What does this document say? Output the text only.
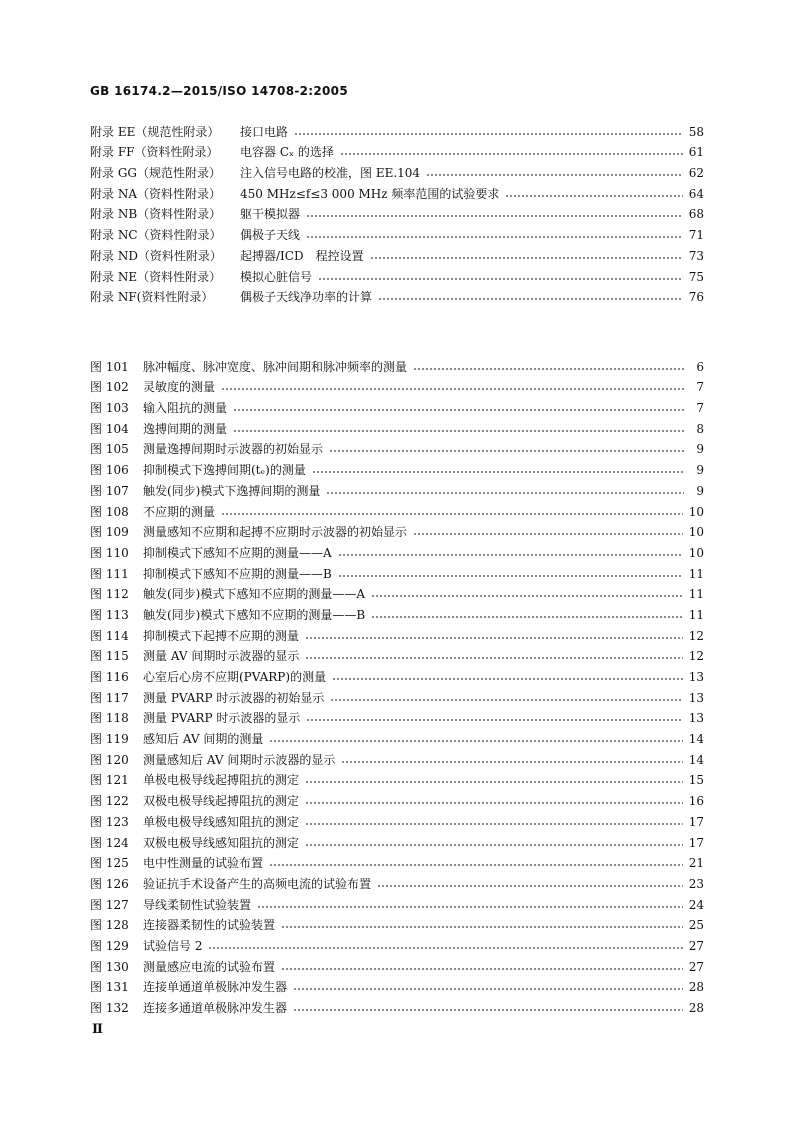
GB 16174.2—2015/ISO 14708-2:2005
附录 EE（规范性附录）	接口电路	58
附录 FF（资料性附录）	电容器 Cₓ 的选择	61
附录 GG（规范性附录）	注入信号电路的校准，图 EE.104	62
附录 NA（资料性附录）	450 MHz≤f≤3 000 MHz 频率范围的试验要求	64
附录 NB（资料性附录）	躯干模拟器	68
附录 NC（资料性附录）	偶极子天线	71
附录 ND（资料性附录）	起搏器/ICD　程控设置	73
附录 NE（资料性附录）	模拟心脏信号	75
附录 NF(资料性附录）	偶极子天线净功率的计算	76
图 101	脉冲幅度、脉冲宽度、脉冲间期和脉冲频率的测量	6
图 102	灵敏度的测量	7
图 103	输入阻抗的测量	7
图 104	逸搏间期的测量	8
图 105	测量逸搏间期时示波器的初始显示	9
图 106	抑制模式下逸搏间期(tₑ)的测量	9
图 107	触发(同步)模式下逸搏间期的测量	9
图 108	不应期的测量	10
图 109	测量感知不应期和起搏不应期时示波器的初始显示	10
图 110	抑制模式下感知不应期的测量——A	10
图 111	抑制模式下感知不应期的测量——B	11
图 112	触发(同步)模式下感知不应期的测量——A	11
图 113	触发(同步)模式下感知不应期的测量——B	11
图 114	抑制模式下起搏不应期的测量	12
图 115	测量 AV 间期时示波器的显示	12
图 116	心室后心房不应期(PVARP)的测量	13
图 117	测量 PVARP 时示波器的初始显示	13
图 118	测量 PVARP 时示波器的显示	13
图 119	感知后 AV 间期的测量	14
图 120	测量感知后 AV 间期时示波器的显示	14
图 121	单极电极导线起搏阻抗的测定	15
图 122	双极电极导线起搏阻抗的测定	16
图 123	单极电极导线感知阻抗的测定	17
图 124	双极电极导线感知阻抗的测定	17
图 125	电中性测量的试验布置	21
图 126	验证抗手术设备产生的高频电流的试验布置	23
图 127	导线柔韧性试验装置	24
图 128	连接器柔韧性的试验装置	25
图 129	试验信号 2	27
图 130	测量感应电流的试验布置	27
图 131	连接单通道单极脉冲发生器	28
图 132	连接多通道单极脉冲发生器	28
Ⅱ
